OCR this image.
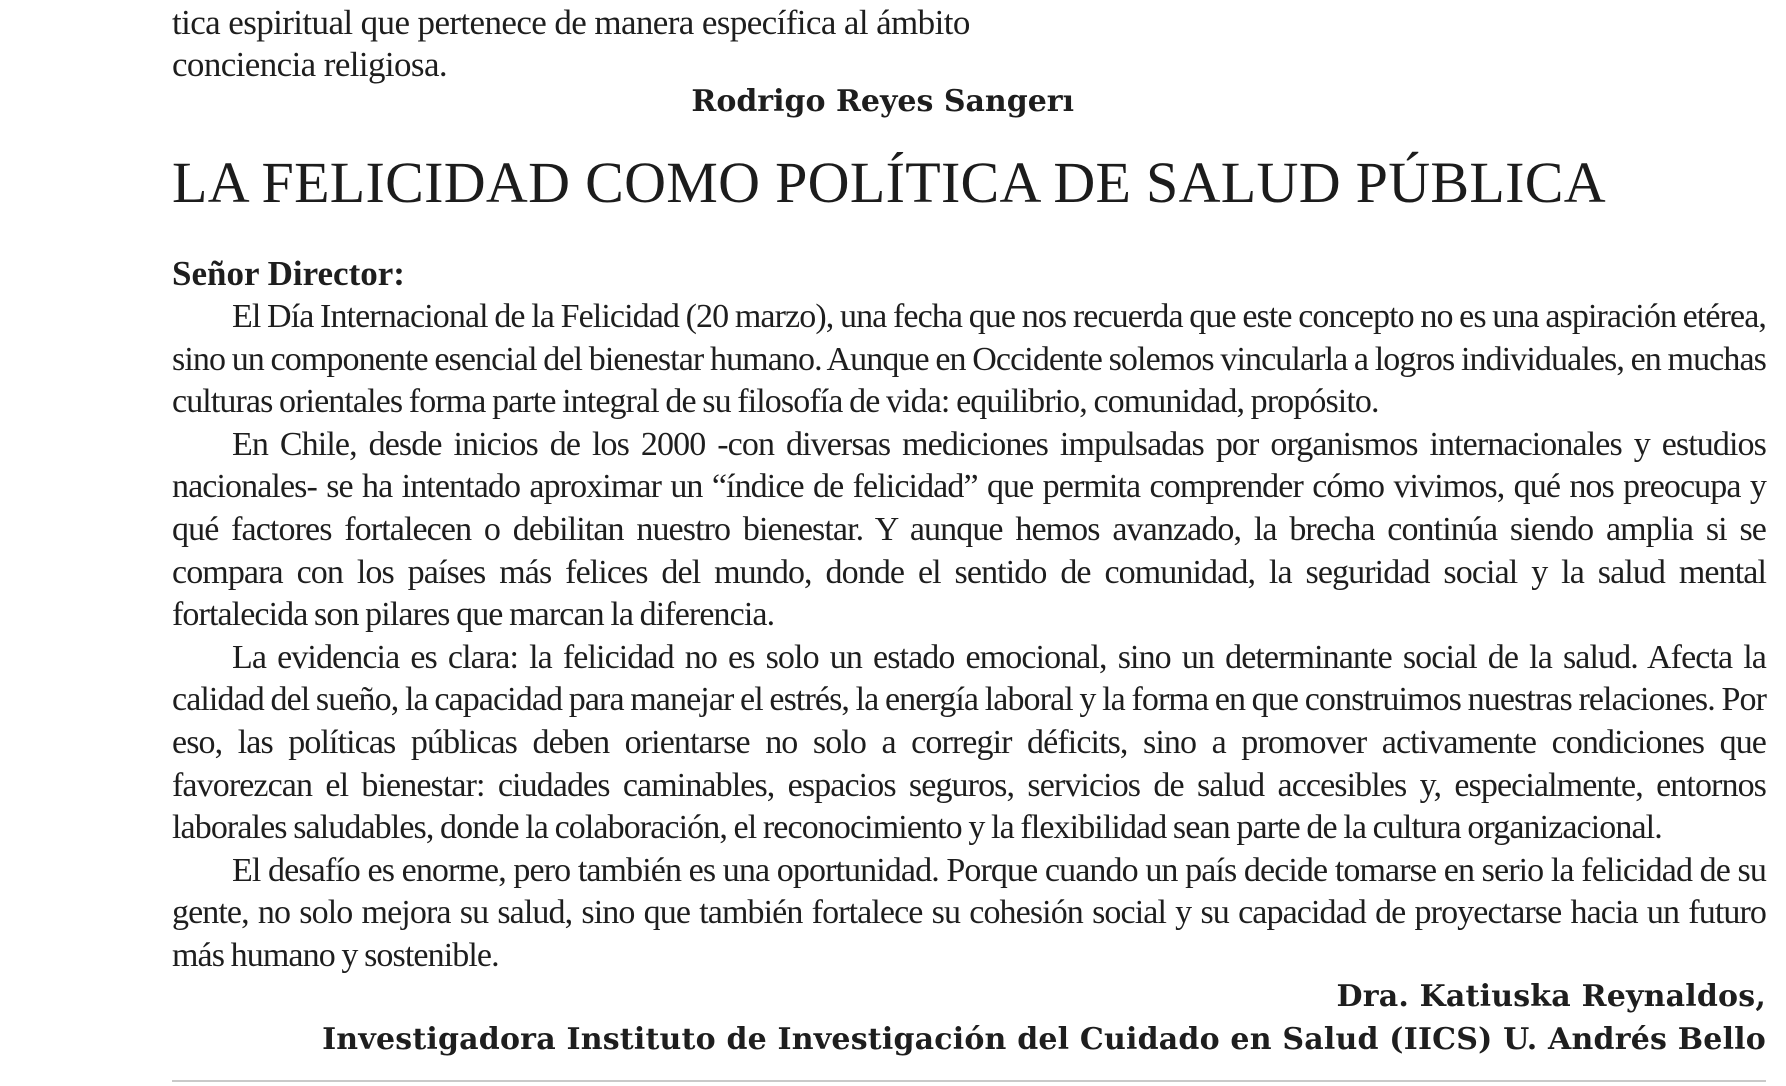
tica espiritual que pertenece de manera específica al ámbito
conciencia religiosa.
Rodrigo Reyes Sangerı
LA FELICIDAD COMO POLÍTICA DE SALUD PÚBLICA
Señor Director:

El Día Internacional de la Felicidad (20 marzo), una fecha que nos recuerda que este concepto no es una aspiración etérea, sino un componente esencial del bienestar humano. Aunque en Occidente solemos vincularla a logros individuales, en muchas culturas orientales forma parte integral de su filosofía de vida: equilibrio, comunidad, propósito.

En Chile, desde inicios de los 2000 -con diversas mediciones impulsadas por organismos internacionales y estudios nacionales- se ha intentado aproximar un “índice de felicidad” que permita comprender cómo vivimos, qué nos preocupa y qué factores fortalecen o debilitan nuestro bienestar. Y aunque hemos avanzado, la brecha continúa siendo amplia si se compara con los países más felices del mundo, donde el sentido de comunidad, la seguridad social y la salud mental fortalecida son pilares que marcan la diferencia.

La evidencia es clara: la felicidad no es solo un estado emocional, sino un determinante social de la salud. Afecta la calidad del sueño, la capacidad para manejar el estrés, la energía laboral y la forma en que construimos nuestras relaciones. Por eso, las políticas públicas deben orientarse no solo a corregir déficits, sino a promover activamente condiciones que favorezcan el bienestar: ciudades caminables, espacios seguros, servicios de salud accesibles y, especialmente, entornos laborales saludables, donde la colaboración, el reconocimiento y la flexibilidad sean parte de la cultura organizacional.

El desafío es enorme, pero también es una oportunidad. Porque cuando un país decide tomarse en serio la felicidad de su gente, no solo mejora su salud, sino que también fortalece su cohesión social y su capacidad de proyectarse hacia un futuro más humano y sostenible.

Dra. Katiuska Reynaldos,
Investigadora Instituto de Investigación del Cuidado en Salud (IICS) U. Andrés Bello
